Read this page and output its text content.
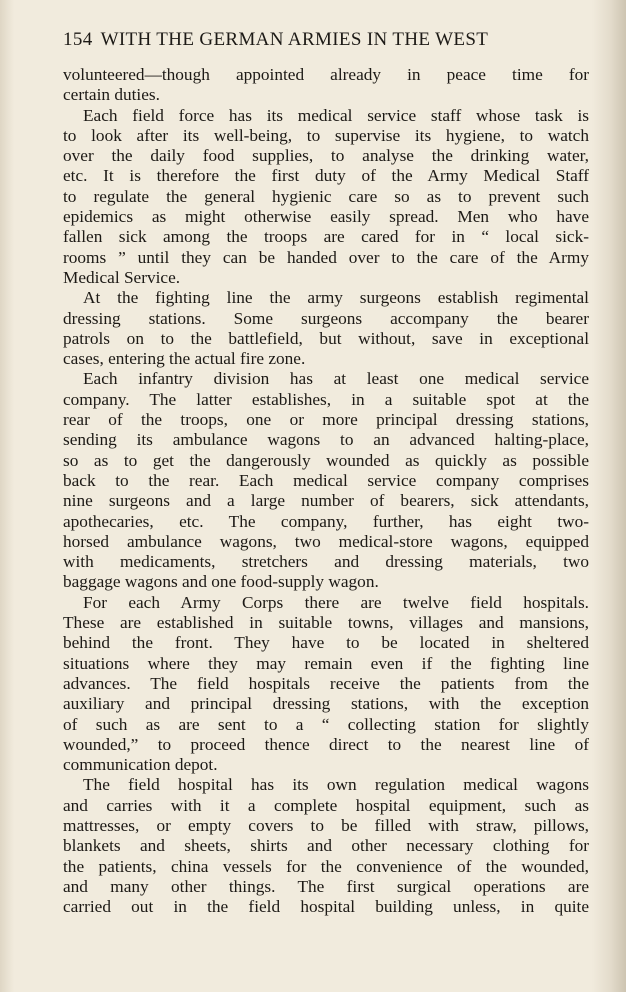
154 WITH THE GERMAN ARMIES IN THE WEST
volunteered—though appointed already in peace time for
certain duties.
Each field force has its medical service staff whose task is
to look after its well-being, to supervise its hygiene, to watch
over the daily food supplies, to analyse the drinking water,
etc. It is therefore the first duty of the Army Medical Staff
to regulate the general hygienic care so as to prevent such
epidemics as might otherwise easily spread. Men who have
fallen sick among the troops are cared for in “ local sick-
rooms ” until they can be handed over to the care of the Army
Medical Service.
At the fighting line the army surgeons establish regimental
dressing stations. Some surgeons accompany the bearer
patrols on to the battlefield, but without, save in exceptional
cases, entering the actual fire zone.
Each infantry division has at least one medical service
company. The latter establishes, in a suitable spot at the
rear of the troops, one or more principal dressing stations,
sending its ambulance wagons to an advanced halting-place,
so as to get the dangerously wounded as quickly as possible
back to the rear. Each medical service company comprises
nine surgeons and a large number of bearers, sick attendants,
apothecaries, etc. The company, further, has eight two-
horsed ambulance wagons, two medical-store wagons, equipped
with medicaments, stretchers and dressing materials, two
baggage wagons and one food-supply wagon.
For each Army Corps there are twelve field hospitals.
These are established in suitable towns, villages and mansions,
behind the front. They have to be located in sheltered
situations where they may remain even if the fighting line
advances. The field hospitals receive the patients from the
auxiliary and principal dressing stations, with the exception
of such as are sent to a “ collecting station for slightly
wounded,” to proceed thence direct to the nearest line of
communication depot.
The field hospital has its own regulation medical wagons
and carries with it a complete hospital equipment, such as
mattresses, or empty covers to be filled with straw, pillows,
blankets and sheets, shirts and other necessary clothing for
the patients, china vessels for the convenience of the wounded,
and many other things. The first surgical operations are
carried out in the field hospital building unless, in quite
